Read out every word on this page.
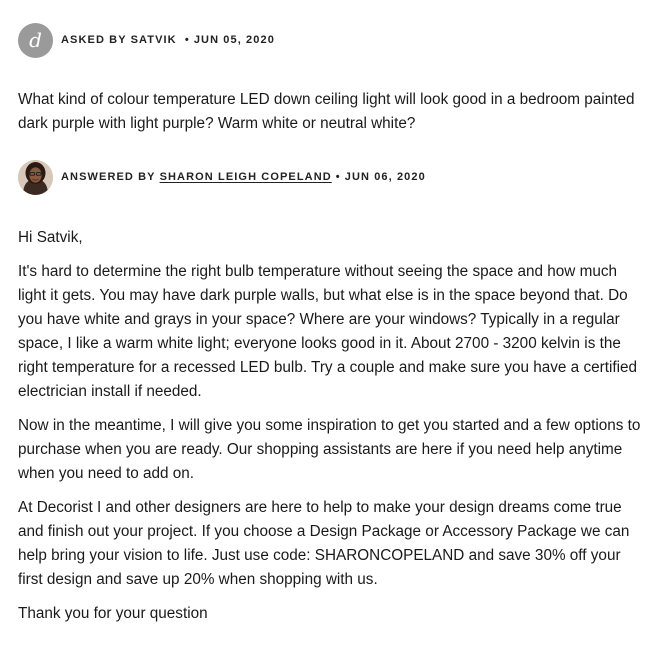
d ASKED BY SATVIK • JUN 05, 2020

What kind of colour temperature LED down ceiling light will look good in a bedroom painted dark purple with light purple? Warm white or neutral white?

ANSWERED BY SHARON LEIGH COPELAND • JUN 06, 2020

Hi Satvik,

It's hard to determine the right bulb temperature without seeing the space and how much light it gets. You may have dark purple walls, but what else is in the space beyond that. Do you have white and grays in your space? Where are your windows? Typically in a regular space, I like a warm white light; everyone looks good in it. About 2700 - 3200 kelvin is the right temperature for a recessed LED bulb. Try a couple and make sure you have a certified electrician install if needed.

Now in the meantime, I will give you some inspiration to get you started and a few options to purchase when you are ready. Our shopping assistants are here if you need help anytime when you need to add on.

At Decorist I and other designers are here to help to make your design dreams come true and finish out your project. If you choose a Design Package or Accessory Package we can help bring your vision to life. Just use code: SHARONCOPELAND and save 30% off your first design and save up 20% when shopping with us.

Thank you for your question
